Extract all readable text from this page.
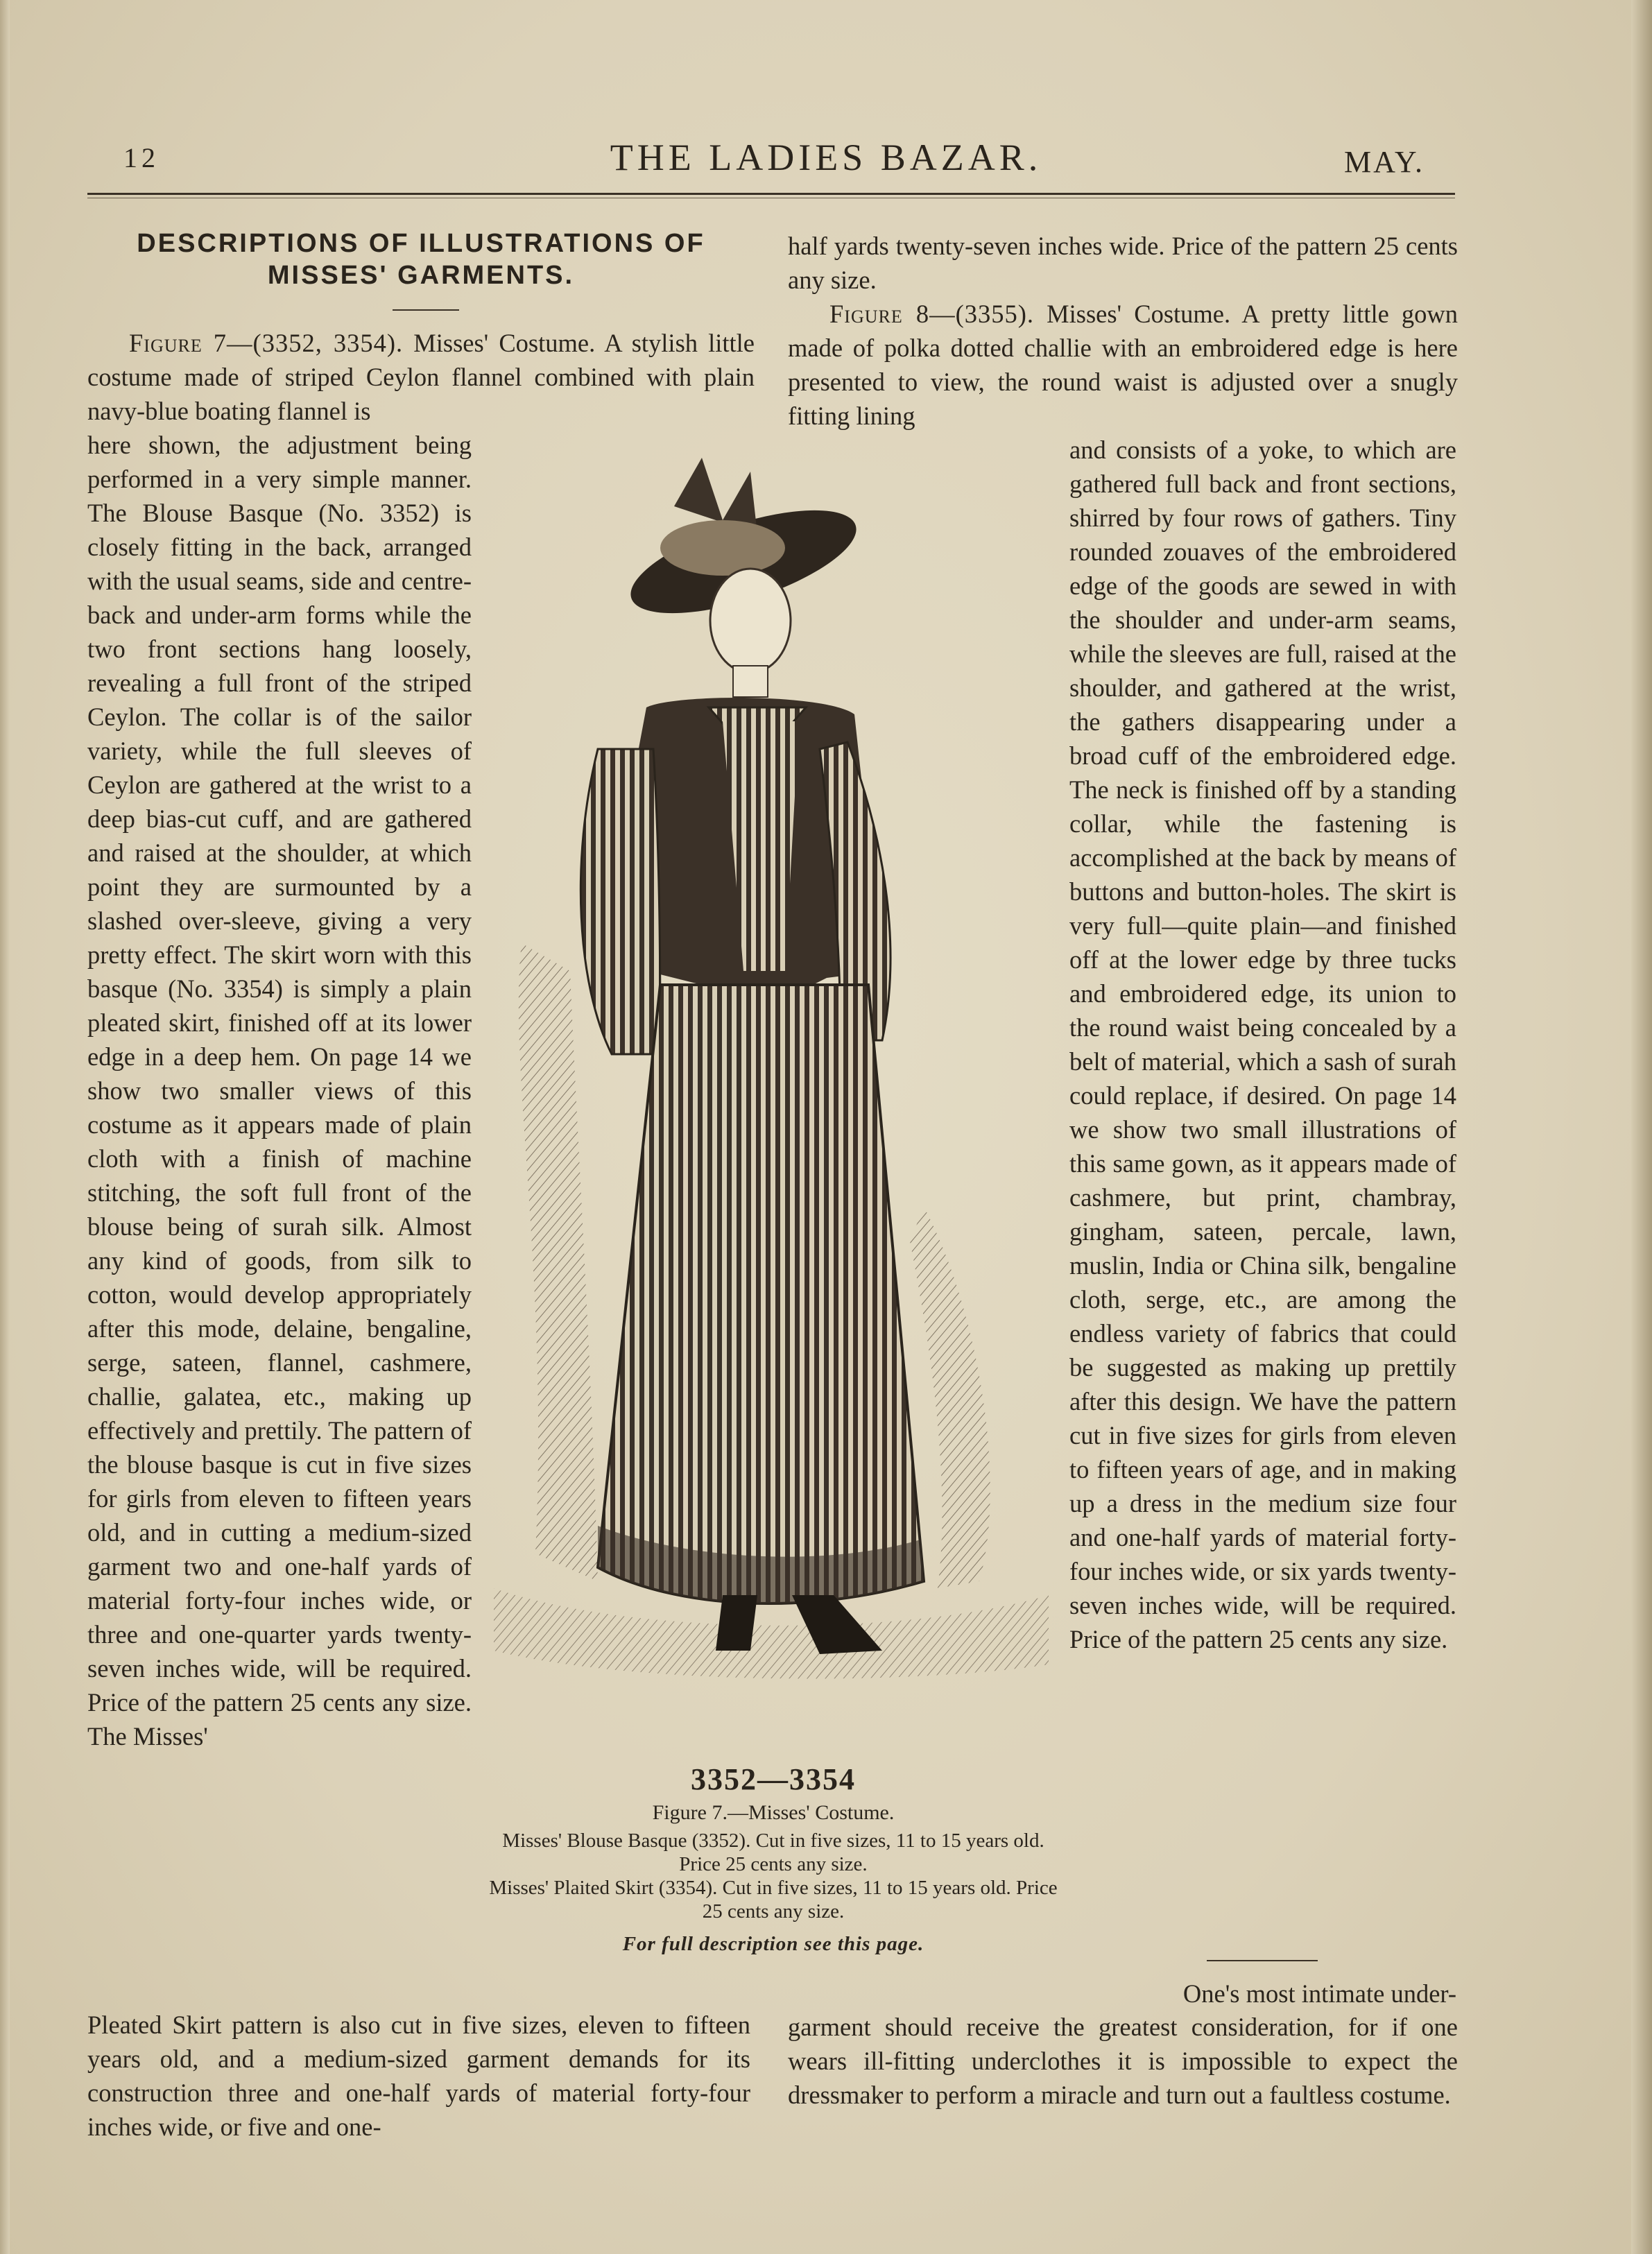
12	THE LADIES BAZAR.	MAY.
DESCRIPTIONS OF ILLUSTRATIONS OF MISSES' GARMENTS.

Figure 7—(3352, 3354). Misses' Costume. A stylish little costume made of striped Ceylon flannel combined with plain navy-blue boating flannel is

here shown, the adjustment being performed in a very simple manner. The Blouse Basque (No. 3352) is closely fitting in the back, arranged with the usual seams, side and centre-back and under-arm forms while the two front sections hang loosely, revealing a full front of the striped Ceylon. The collar is of the sailor variety, while the full sleeves of Ceylon are gathered at the wrist to a deep bias-cut cuff, and are gathered and raised at the shoulder, at which point they are surmounted by a slashed over-sleeve, giving a very pretty effect. The skirt worn with this basque (No. 3354) is simply a plain pleated skirt, finished off at its lower edge in a deep hem. On page 14 we show two smaller views of this costume as it appears made of plain cloth with a finish of machine stitching, the soft full front of the blouse being of surah silk. Almost any kind of goods, from silk to cotton, would develop appropriately after this mode, delaine, bengaline, serge, sateen, flannel, cashmere, challie, galatea, etc., making up effectively and prettily. The pattern of the blouse basque is cut in five sizes for girls from eleven to fifteen years old, and in cutting a medium-sized garment two and one-half yards of material forty-four inches wide, or three and one-quarter yards twenty-seven inches wide, will be required. Price of the pattern 25 cents any size. The Misses'

Pleated Skirt pattern is also cut in five sizes, eleven to fifteen years old, and a medium-sized garment demands for its construction three and one-half yards of material forty-four inches wide, or five and one-

half yards twenty-seven inches wide. Price of the pattern 25 cents any size.

Figure 8—(3355). Misses' Costume. A pretty little gown made of polka dotted challie with an embroidered edge is here presented to view, the round waist is adjusted over a snugly fitting lining

and consists of a yoke, to which are gathered full back and front sections, shirred by four rows of gathers. Tiny rounded zouaves of the embroidered edge of the goods are sewed in with the shoulder and under-arm seams, while the sleeves are full, raised at the shoulder, and gathered at the wrist, the gathers disappearing under a broad cuff of the embroidered edge. The neck is finished off by a standing collar, while the fastening is accomplished at the back by means of buttons and button-holes. The skirt is very full—quite plain—and finished off at the lower edge by three tucks and embroidered edge, its union to the round waist being concealed by a belt of material, which a sash of surah could replace, if desired. On page 14 we show two small illustrations of this same gown, as it appears made of cashmere, but print, chambray, gingham, sateen, percale, lawn, muslin, India or China silk, bengaline cloth, serge, etc., are among the endless variety of fabrics that could be suggested as making up prettily after this design. We have the pattern cut in five sizes for girls from eleven to fifteen years of age, and in making up a dress in the medium size four and one-half yards of material forty-four inches wide, or six yards twenty-seven inches wide, will be required. Price of the pattern 25 cents any size.

One's most intimate under-

garment should receive the greatest consideration, for if one wears ill-fitting underclothes it is impossible to expect the dressmaker to perform a miracle and turn out a faultless costume.

3352—3354
Figure 7.—Misses' Costume.
Misses' Blouse Basque (3352). Cut in five sizes, 11 to 15 years old. Price 25 cents any size.
Misses' Plaited Skirt (3354). Cut in five sizes, 11 to 15 years old. Price 25 cents any size.
For full description see this page.
